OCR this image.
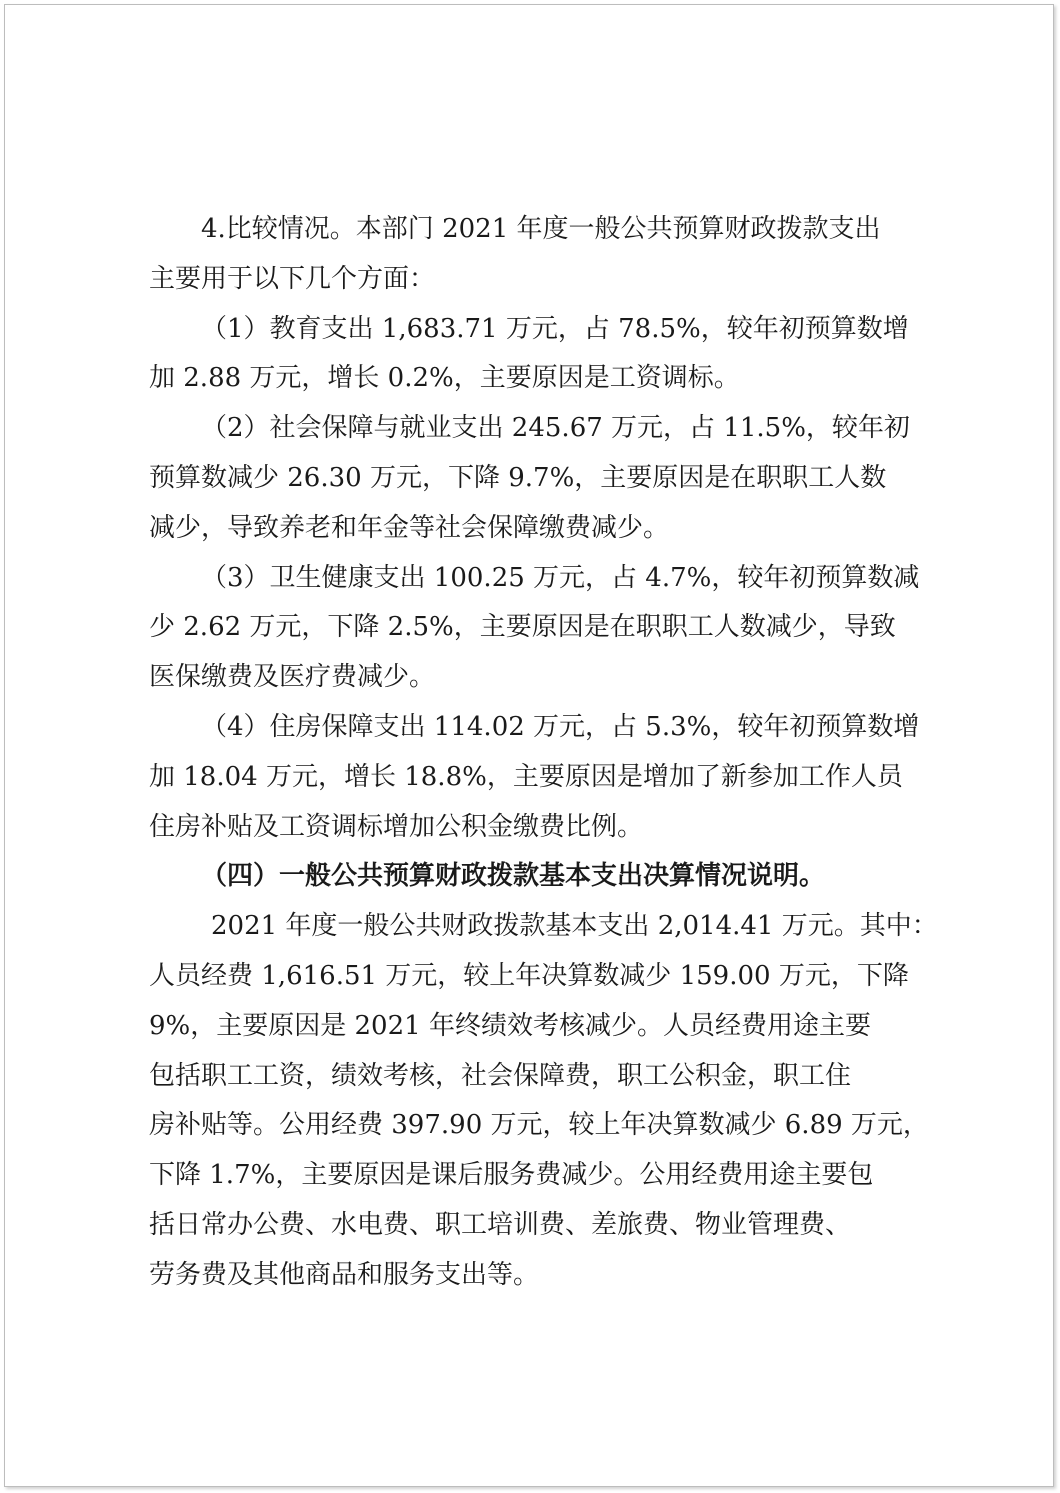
4.比较情况。本部门 2021 年度一般公共预算财政拨款支出
主要用于以下几个方面：

（1）教育支出 1,683.71 万元，占 78.5%，较年初预算数增
加 2.88 万元，增长 0.2%，主要原因是工资调标。

（2）社会保障与就业支出 245.67 万元，占 11.5%，较年初
预算数减少 26.30 万元，下降 9.7%，主要原因是在职职工人数
减少，导致养老和年金等社会保障缴费减少。

（3）卫生健康支出 100.25 万元，占 4.7%，较年初预算数减
少 2.62 万元，下降 2.5%，主要原因是在职职工人数减少，导致
医保缴费及医疗费减少。

（4）住房保障支出 114.02 万元，占 5.3%，较年初预算数增
加 18.04 万元，增长 18.8%，主要原因是增加了新参加工作人员
住房补贴及工资调标增加公积金缴费比例。

（四）一般公共预算财政拨款基本支出决算情况说明。

2021 年度一般公共财政拨款基本支出 2,014.41 万元。其中：
人员经费 1,616.51 万元，较上年决算数减少 159.00 万元，下降
9%，主要原因是 2021 年终绩效考核减少。人员经费用途主要
包括职工工资，绩效考核，社会保障费，职工公积金，职工住
房补贴等。公用经费 397.90 万元，较上年决算数减少 6.89 万元，
下降 1.7%，主要原因是课后服务费减少。公用经费用途主要包
括日常办公费、水电费、职工培训费、差旅费、物业管理费、
劳务费及其他商品和服务支出等。
